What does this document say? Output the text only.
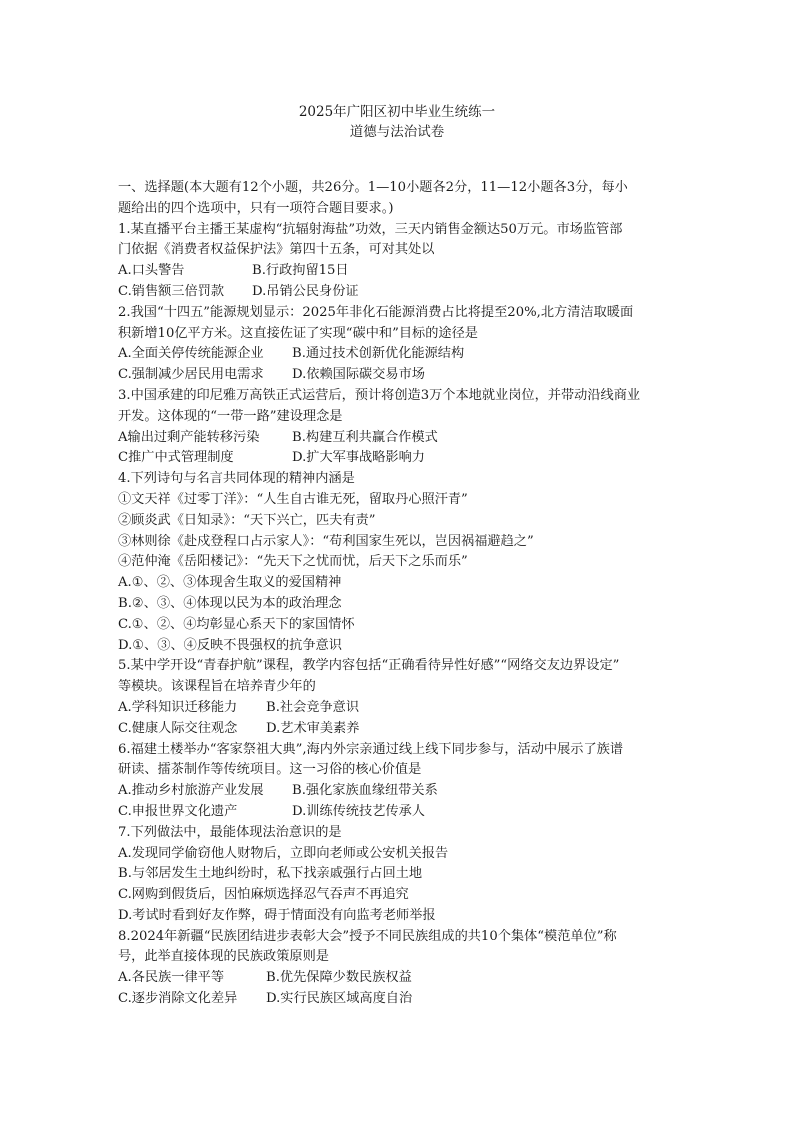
2025年广阳区初中毕业生统练一
道德与法治试卷
一、选择题(本大题有12个小题，共26分。1—10小题各2分，11—12小题各3分，每小
题给出的四个选项中，只有一项符合题目要求。)
1.某直播平台主播王某虚构“抗辐射海盐”功效，三天内销售金额达50万元。市场监管部
门依据《消费者权益保护法》第四十五条，可对其处以
A.口头警告	B.行政拘留15日
C.销售额三倍罚款	D.吊销公民身份证
2.我国“十四五”能源规划显示：2025年非化石能源消费占比将提至20%,北方清洁取暖面
积新增10亿平方米。这直接佐证了实现“碳中和”目标的途径是
A.全面关停传统能源企业	B.通过技术创新优化能源结构
C.强制减少居民用电需求	D.依赖国际碳交易市场
3.中国承建的印尼雅万高铁正式运营后，预计将创造3万个本地就业岗位，并带动沿线商业
开发。这体现的“一带一路”建设理念是
A输出过剩产能转移污染	B.构建互利共赢合作模式
C推广中式管理制度	D.扩大军事战略影响力
4.下列诗句与名言共同体现的精神内涵是
①文天祥《过零丁洋》：“人生自古谁无死，留取丹心照汗青”
②顾炎武《日知录》：“天下兴亡，匹夫有责”
③林则徐《赴戍登程口占示家人》：“苟利国家生死以，岂因祸福避趋之”
④范仲淹《岳阳楼记》：“先天下之忧而忧，后天下之乐而乐”
A.①、②、③体现舍生取义的爱国精神
B.②、③、④体现以民为本的政治理念
C.①、②、④均彰显心系天下的家国情怀
D.①、③、④反映不畏强权的抗争意识
5.某中学开设“青春护航”课程，教学内容包括“正确看待异性好感”“网络交友边界设定”
等模块。该课程旨在培养青少年的
A.学科知识迁移能力	B.社会竞争意识
C.健康人际交往观念	D.艺术审美素养
6.福建土楼举办“客家祭祖大典”,海内外宗亲通过线上线下同步参与，活动中展示了族谱
研读、擂茶制作等传统项目。这一习俗的核心价值是
A.推动乡村旅游产业发展	B.强化家族血缘纽带关系
C.申报世界文化遗产	D.训练传统技艺传承人
7.下列做法中，最能体现法治意识的是
A.发现同学偷窃他人财物后，立即向老师或公安机关报告
B.与邻居发生土地纠纷时，私下找亲戚强行占回土地
C.网购到假货后，因怕麻烦选择忍气吞声不再追究
D.考试时看到好友作弊，碍于情面没有向监考老师举报
8.2024年新疆“民族团结进步表彰大会”授予不同民族组成的共10个集体“模范单位”称
号，此举直接体现的民族政策原则是
A.各民族一律平等	B.优先保障少数民族权益
C.逐步消除文化差异	D.实行民族区域高度自治
